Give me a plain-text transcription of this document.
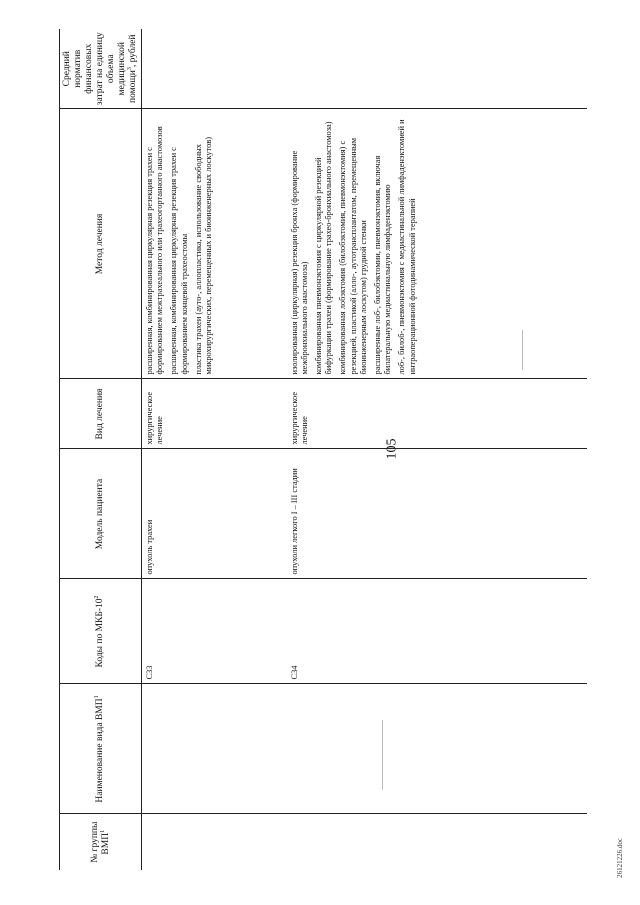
105
№ группы ВМП$^1$	Наименование вида ВМП$^1$	Коды по МКБ-$10^2$	Модель пациента	Вид лечения	Метод лечения	Средний норматив финансовых затрат на единицу объема медицинской помощи$^3$, рублей
		C33	опухоль трахеи	хирургическое лечение	расширенная, комбинированная циркулярная резекция трахеи с формированием межтрахеального или трахеогортанного анастомозов расширенная, комбинированная циркулярная резекция трахеи с формированием концевой трахеостомы пластика трахеи (ауто-, аллопластика, использование свободных микрохирургических, перемещенных и биоинженерных лоскутов)	

		C34	опухоли легкого I – III стадии	хирургическое лечение	изолированная (циркулярная) резекция бронха (формирование межбронхиального анастомоза) комбинированная пневмонэктомия с циркулярной резекцией бифуркации трахеи (формирование трахео-бронхиального анастомоза) комбинированная лобэктомия (билобэктомия, пневмонэктомия) с резекцией, пластикой (алло-, аутотрансплантатом, перемещенным биоинженерным лоскутом) грудной стенки расширенные лоб-, билобэктомии, пневмонэктомия, включая билатеральную медиастинальную лимфаденэктомию лоб-, билоб-, пневмонэктомия с медиастинальной лимфаденэктомией и интраоперационной фотодинамической терапией	

26121226.doc
